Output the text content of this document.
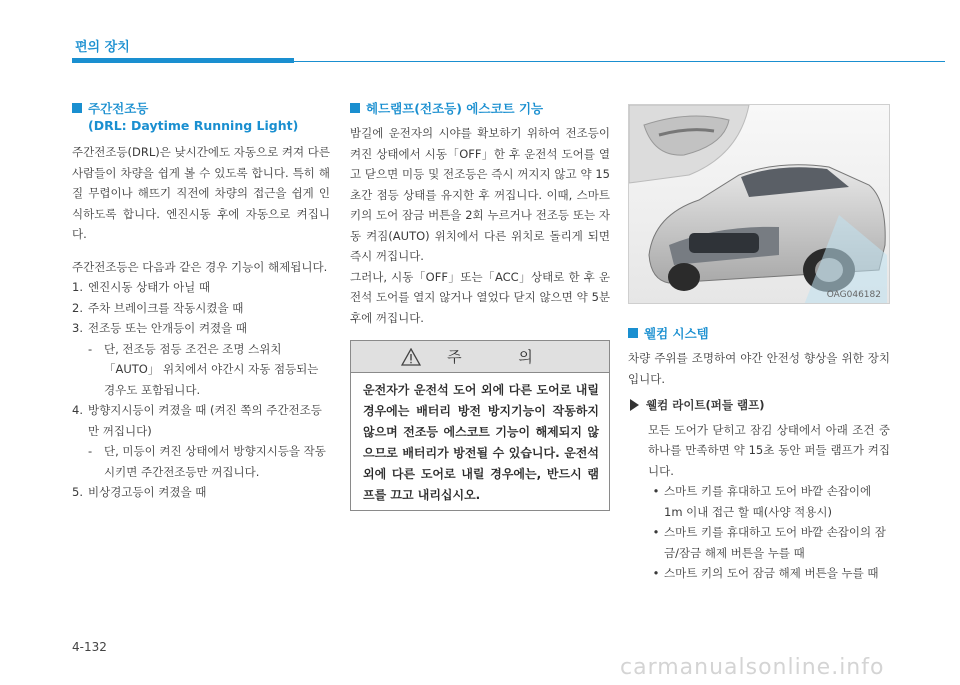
편의 장치
주간전조등
(DRL: Daytime Running Light)

주간전조등(DRL)은 낮시간에도 자동으로 켜져 다른 사람들이 차량을 쉽게 볼 수 있도록 합니다. 특히 해질 무렵이나 해뜨기 직전에 차량의 접근을 쉽게 인식하도록 합니다. 엔진시동 후에 자동으로 켜집니다.

주간전조등은 다음과 같은 경우 기능이 해제됩니다.

1. 엔진시동 상태가 아닐 때
2. 주차 브레이크를 작동시켰을 때
3. 전조등 또는 안개등이 켜졌을 때
-	단, 전조등 점등 조건은 조명 스위치 「AUTO」 위치에서 야간시 자동 점등되는 경우도 포함됩니다.
4. 방향지시등이 켜졌을 때 (켜진 쪽의 주간전조등만 꺼집니다)
-	단, 미등이 켜진 상태에서 방향지시등을 작동시키면 주간전조등만 꺼집니다.
5. 비상경고등이 켜졌을 때
헤드램프(전조등) 에스코트 기능

밤길에 운전자의 시야를 확보하기 위하여 전조등이 켜진 상태에서 시동「OFF」한 후 운전석 도어를 열고 닫으면 미등 및 전조등은 즉시 꺼지지 않고 약 15초간 점등 상태를 유지한 후 꺼집니다. 이때, 스마트 키의 도어 잠금 버튼을 2회 누르거나 전조등 또는 자동 켜짐(AUTO) 위치에서 다른 위치로 돌리게 되면 즉시 꺼집니다.

그러나, 시동「OFF」또는「ACC」상태로 한 후 운전석 도어를 열지 않거나 열었다 닫지 않으면 약 5분 후에 꺼집니다.

주 의
운전자가 운전석 도어 외에 다른 도어로 내릴 경우에는 배터리 방전 방지기능이 작동하지 않으며 전조등 에스코트 기능이 해제되지 않으므로 배터리가 방전될 수 있습니다. 운전석 외에 다른 도어로 내릴 경우에는, 반드시 램프를 끄고 내리십시오.
OAG046182
웰컴 시스템

차량 주위를 조명하여 야간 안전성 향상을 위한 장치입니다.

웰컴 라이트(퍼들 램프)

모든 도어가 닫히고 잠김 상태에서 아래 조건 중 하나를 만족하면 약 15초 동안 퍼들 램프가 켜집니다.

• 스마트 키를 휴대하고 도어 바깥 손잡이에 1m 이내 접근 할 때(사양 적용시)
• 스마트 키를 휴대하고 도어 바깥 손잡이의 잠금/잠금 해제 버튼을 누를 때
• 스마트 키의 도어 잠금 해제 버튼을 누를 때
4-132
carmanualsonline.info
